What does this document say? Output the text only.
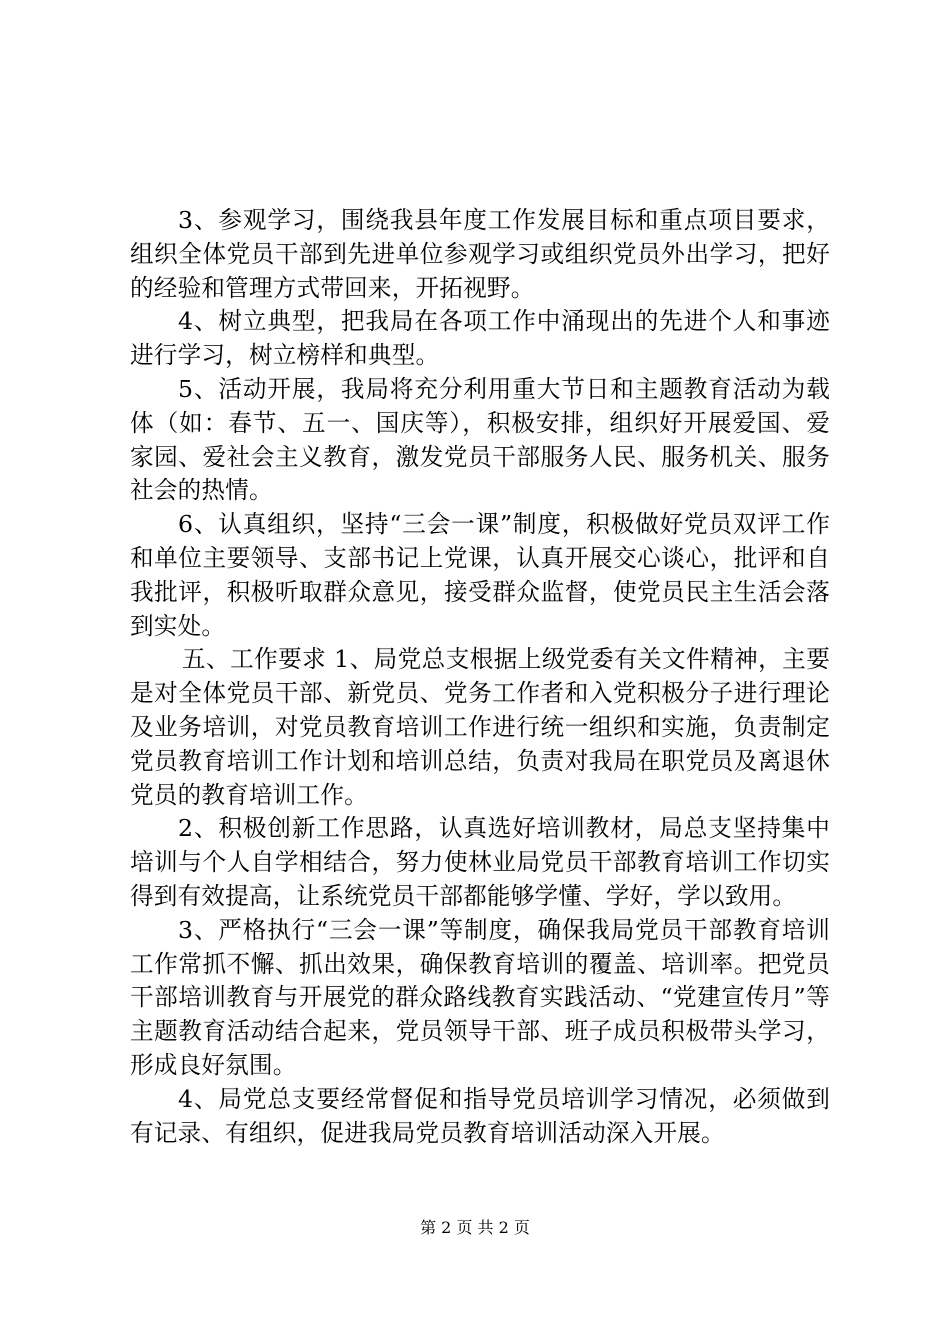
3、参观学习，围绕我县年度工作发展目标和重点项目要求，组织全体党员干部到先进单位参观学习或组织党员外出学习，把好的经验和管理方式带回来，开拓视野。

4、树立典型，把我局在各项工作中涌现出的先进个人和事迹进行学习，树立榜样和典型。

5、活动开展，我局将充分利用重大节日和主题教育活动为载体（如：春节、五一、国庆等），积极安排，组织好开展爱国、爱家园、爱社会主义教育，激发党员干部服务人民、服务机关、服务社会的热情。

6、认真组织，坚持“三会一课”制度，积极做好党员双评工作和单位主要领导、支部书记上党课，认真开展交心谈心，批评和自我批评，积极听取群众意见，接受群众监督，使党员民主生活会落到实处。

五、工作要求 1、局党总支根据上级党委有关文件精神，主要是对全体党员干部、新党员、党务工作者和入党积极分子进行理论及业务培训，对党员教育培训工作进行统一组织和实施，负责制定党员教育培训工作计划和培训总结，负责对我局在职党员及离退休党员的教育培训工作。

2、积极创新工作思路，认真选好培训教材，局总支坚持集中培训与个人自学相结合，努力使林业局党员干部教育培训工作切实得到有效提高，让系统党员干部都能够学懂、学好，学以致用。

3、严格执行“三会一课”等制度，确保我局党员干部教育培训工作常抓不懈、抓出效果，确保教育培训的覆盖、培训率。把党员干部培训教育与开展党的群众路线教育实践活动、“党建宣传月”等主题教育活动结合起来，党员领导干部、班子成员积极带头学习，形成良好氛围。

4、局党总支要经常督促和指导党员培训学习情况，必须做到有记录、有组织，促进我局党员教育培训活动深入开展。

第 2 页 共 2 页
